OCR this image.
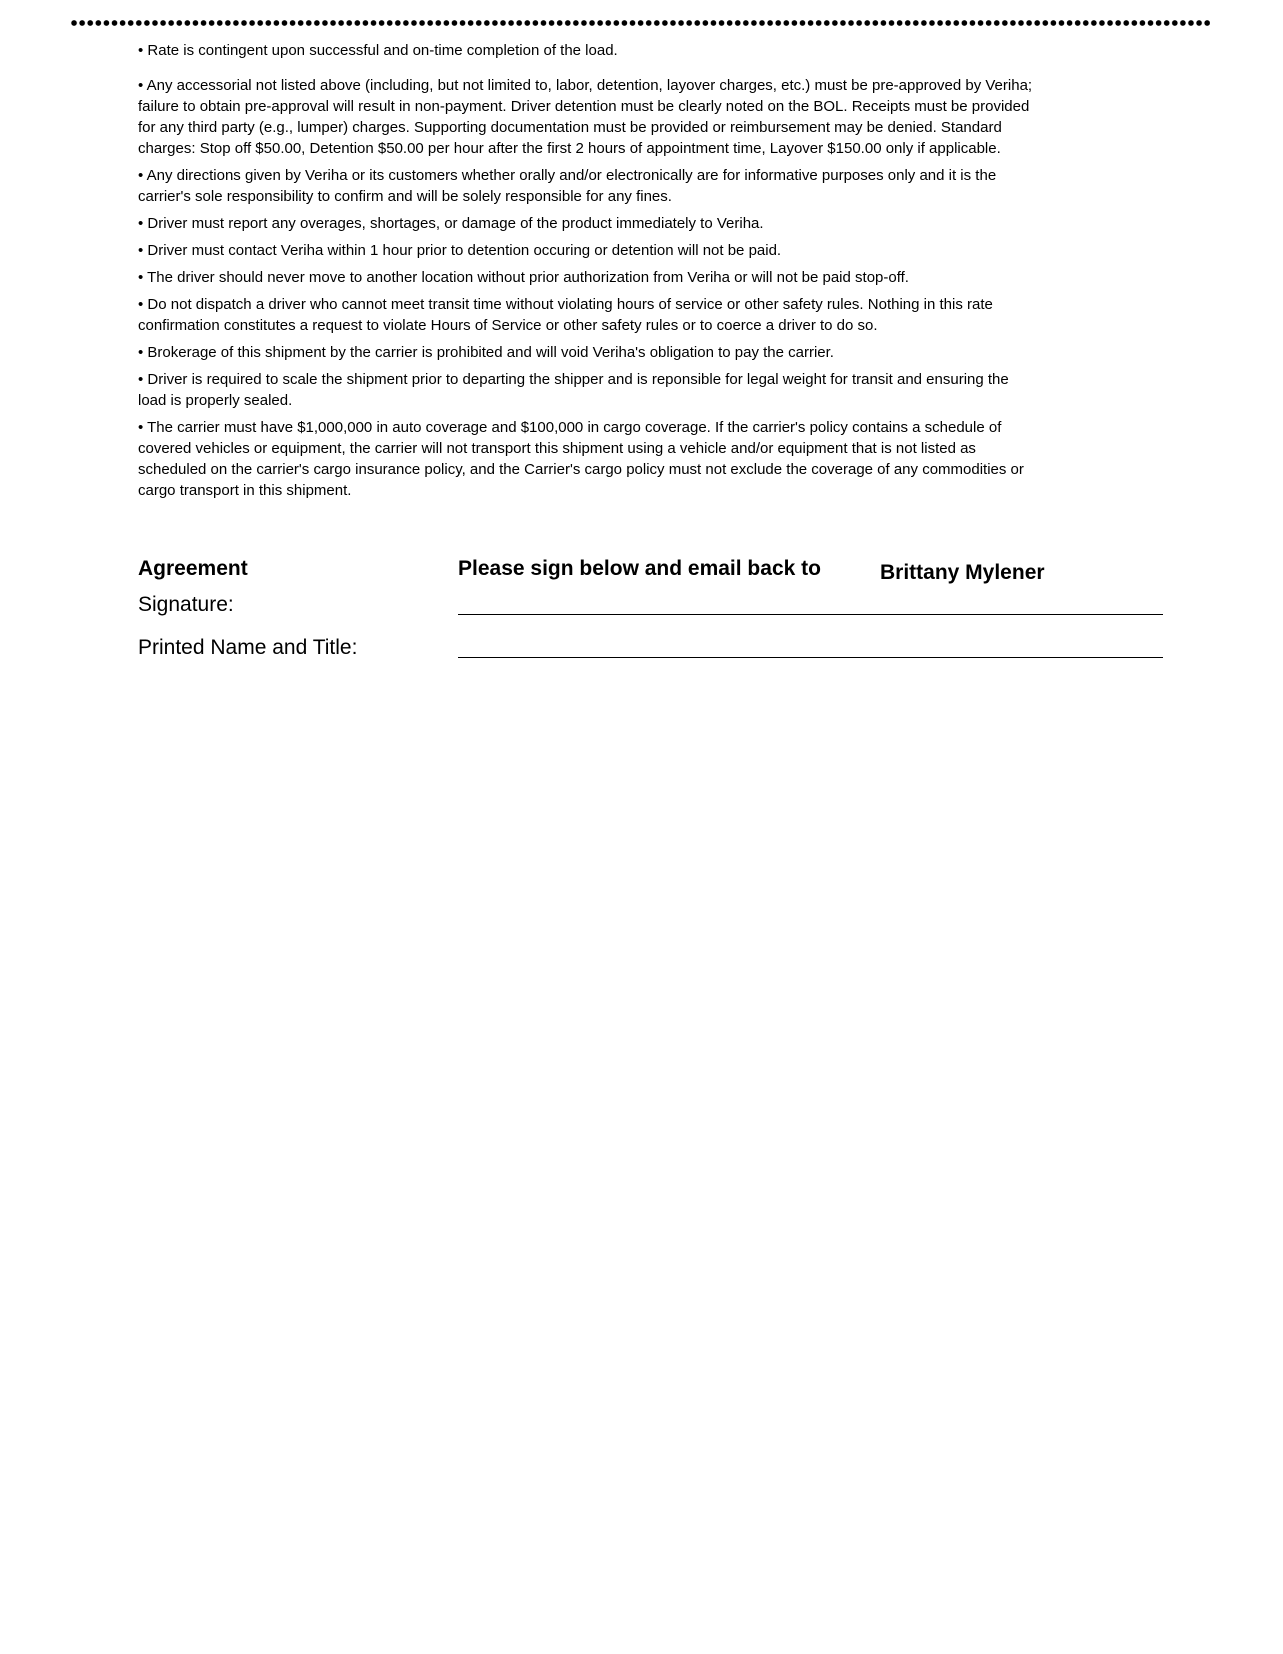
• Rate is contingent upon successful and on-time completion of the load.

• Any accessorial not listed above (including, but not limited to, labor, detention, layover charges, etc.) must be pre-approved by Veriha; failure to obtain pre-approval will result in non-payment. Driver detention must be clearly noted on the BOL. Receipts must be provided for any third party (e.g., lumper) charges. Supporting documentation must be provided or reimbursement may be denied. Standard charges: Stop off $50.00, Detention $50.00 per hour after the first 2 hours of appointment time, Layover $150.00 only if applicable.

• Any directions given by Veriha or its customers whether orally and/or electronically are for informative purposes only and it is the carrier's sole responsibility to confirm and will be solely responsible for any fines.

• Driver must report any overages, shortages, or damage of the product immediately to Veriha.

• Driver must contact Veriha within 1 hour prior to detention occuring or detention will not be paid.

• The driver should never move to another location without prior authorization from Veriha or will not be paid stop-off.

• Do not dispatch a driver who cannot meet transit time without violating hours of service or other safety rules. Nothing in this rate confirmation constitutes a request to violate Hours of Service or other safety rules or to coerce a driver to do so.

• Brokerage of this shipment by the carrier is prohibited and will void Veriha's obligation to pay the carrier.

• Driver is required to scale the shipment prior to departing the shipper and is reponsible for legal weight for transit and ensuring the load is properly sealed.

• The carrier must have $1,000,000 in auto coverage and $100,000 in cargo coverage. If the carrier's policy contains a schedule of covered vehicles or equipment, the carrier will not transport this shipment using a vehicle and/or equipment that is not listed as scheduled on the carrier's cargo insurance policy, and the Carrier's cargo policy must not exclude the coverage of any commodities or cargo transport in this shipment.

Agreement	Please sign below and email back to	Brittany Mylener
Signature:
Printed Name and Title:
